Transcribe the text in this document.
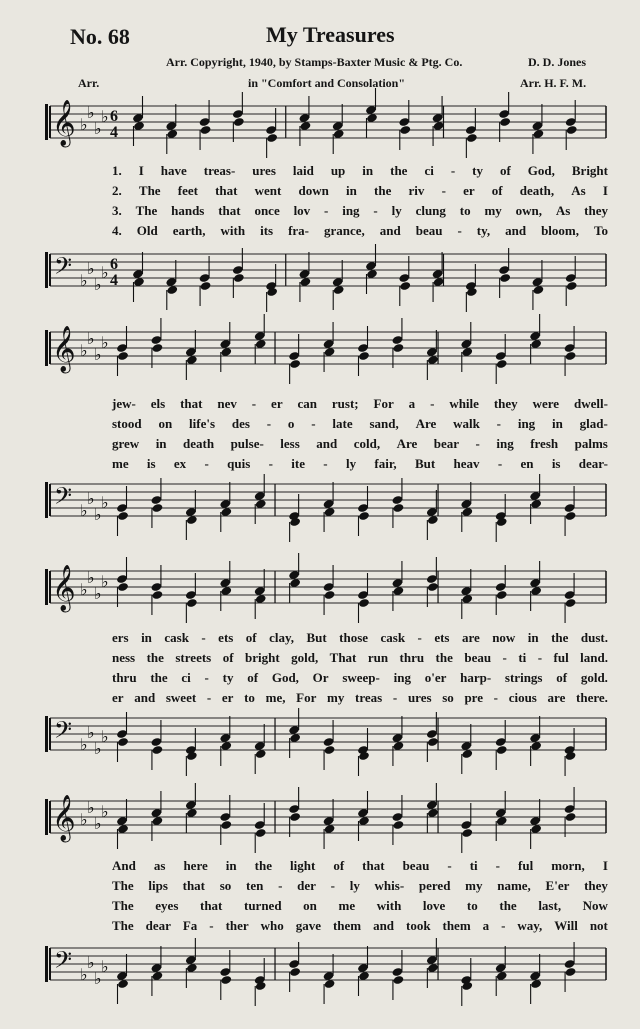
No. 68	My Treasures
Arr. Copyright, 1940, by Stamps-Baxter Music & Ptg. Co.	D. D. Jones
Arr.	in "Comfort and Consolation"	Arr. H. F. M.
𝄞 ♭
♭
♭
♭ 6
4
1. I have treas- ures laid up in the ci - ty of God, Bright
2. The feet that went down in the riv - er of death, As I
3. The hands that once lov - ing - ly clung to my own, As they
4. Old earth, with its fra- grance, and beau - ty, and bloom, To
𝄢 ♭
♭
♭
♭ 6
4
𝄞 ♭
♭
♭
♭
jew- els that nev - er can rust; For a - while they were dwell-
stood on life's des - o - late sand, Are walk - ing in glad-
grew in death pulse- less and cold, Are bear - ing fresh palms
me is ex - quis - ite - ly fair, But heav - en is dear-
𝄢 ♭
♭
♭
♭
𝄞 ♭
♭
♭
♭
ers in cask - ets of clay, But those cask - ets are now in the dust.
ness the streets of bright gold, That run thru the beau - ti - ful land.
thru the ci - ty of God, Or sweep- ing o'er harp- strings of gold.
er and sweet - er to me, For my treas - ures so pre - cious are there.
𝄢 ♭
♭
♭
♭
𝄞 ♭
♭
♭
♭
And as here in the light of that beau - ti - ful morn, I
The lips that so ten - der - ly whis- pered my name, E'er they
The eyes that turned on me with love to the last, Now
The dear Fa - ther who gave them and took them a - way, Will not
𝄢 ♭
♭
♭
♭
